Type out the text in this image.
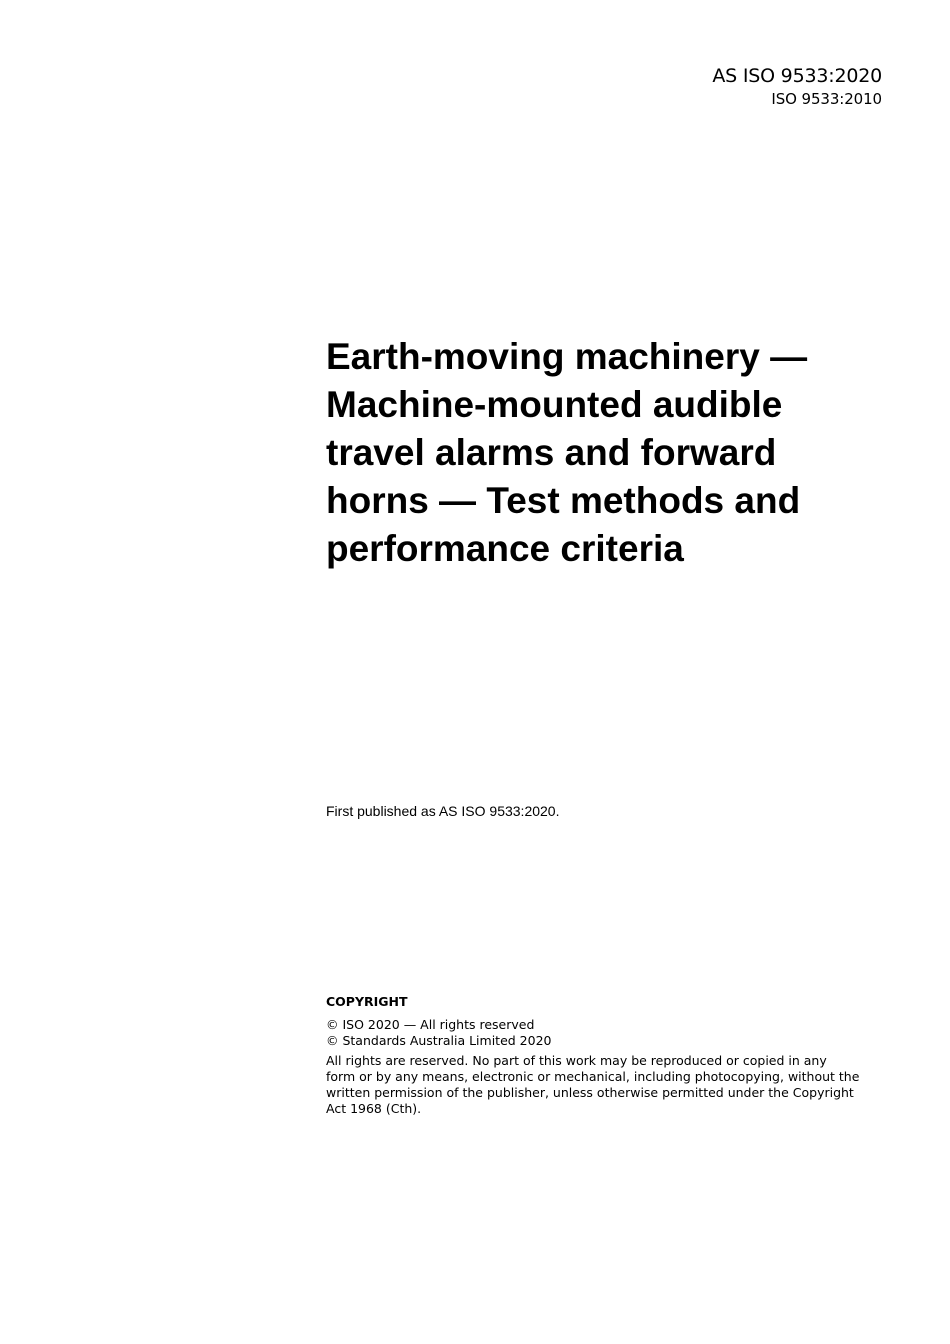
AS ISO 9533:2020
ISO 9533:2010
Earth-moving machinery —
Machine-mounted audible
travel alarms and forward
horns — Test methods and
performance criteria
First published as AS ISO 9533:2020.
COPYRIGHT
© ISO 2020 — All rights reserved
© Standards Australia Limited 2020
All rights are reserved. No part of this work may be reproduced or copied in any
form or by any means, electronic or mechanical, including photocopying, without the
written permission of the publisher, unless otherwise permitted under the Copyright
Act 1968 (Cth).
